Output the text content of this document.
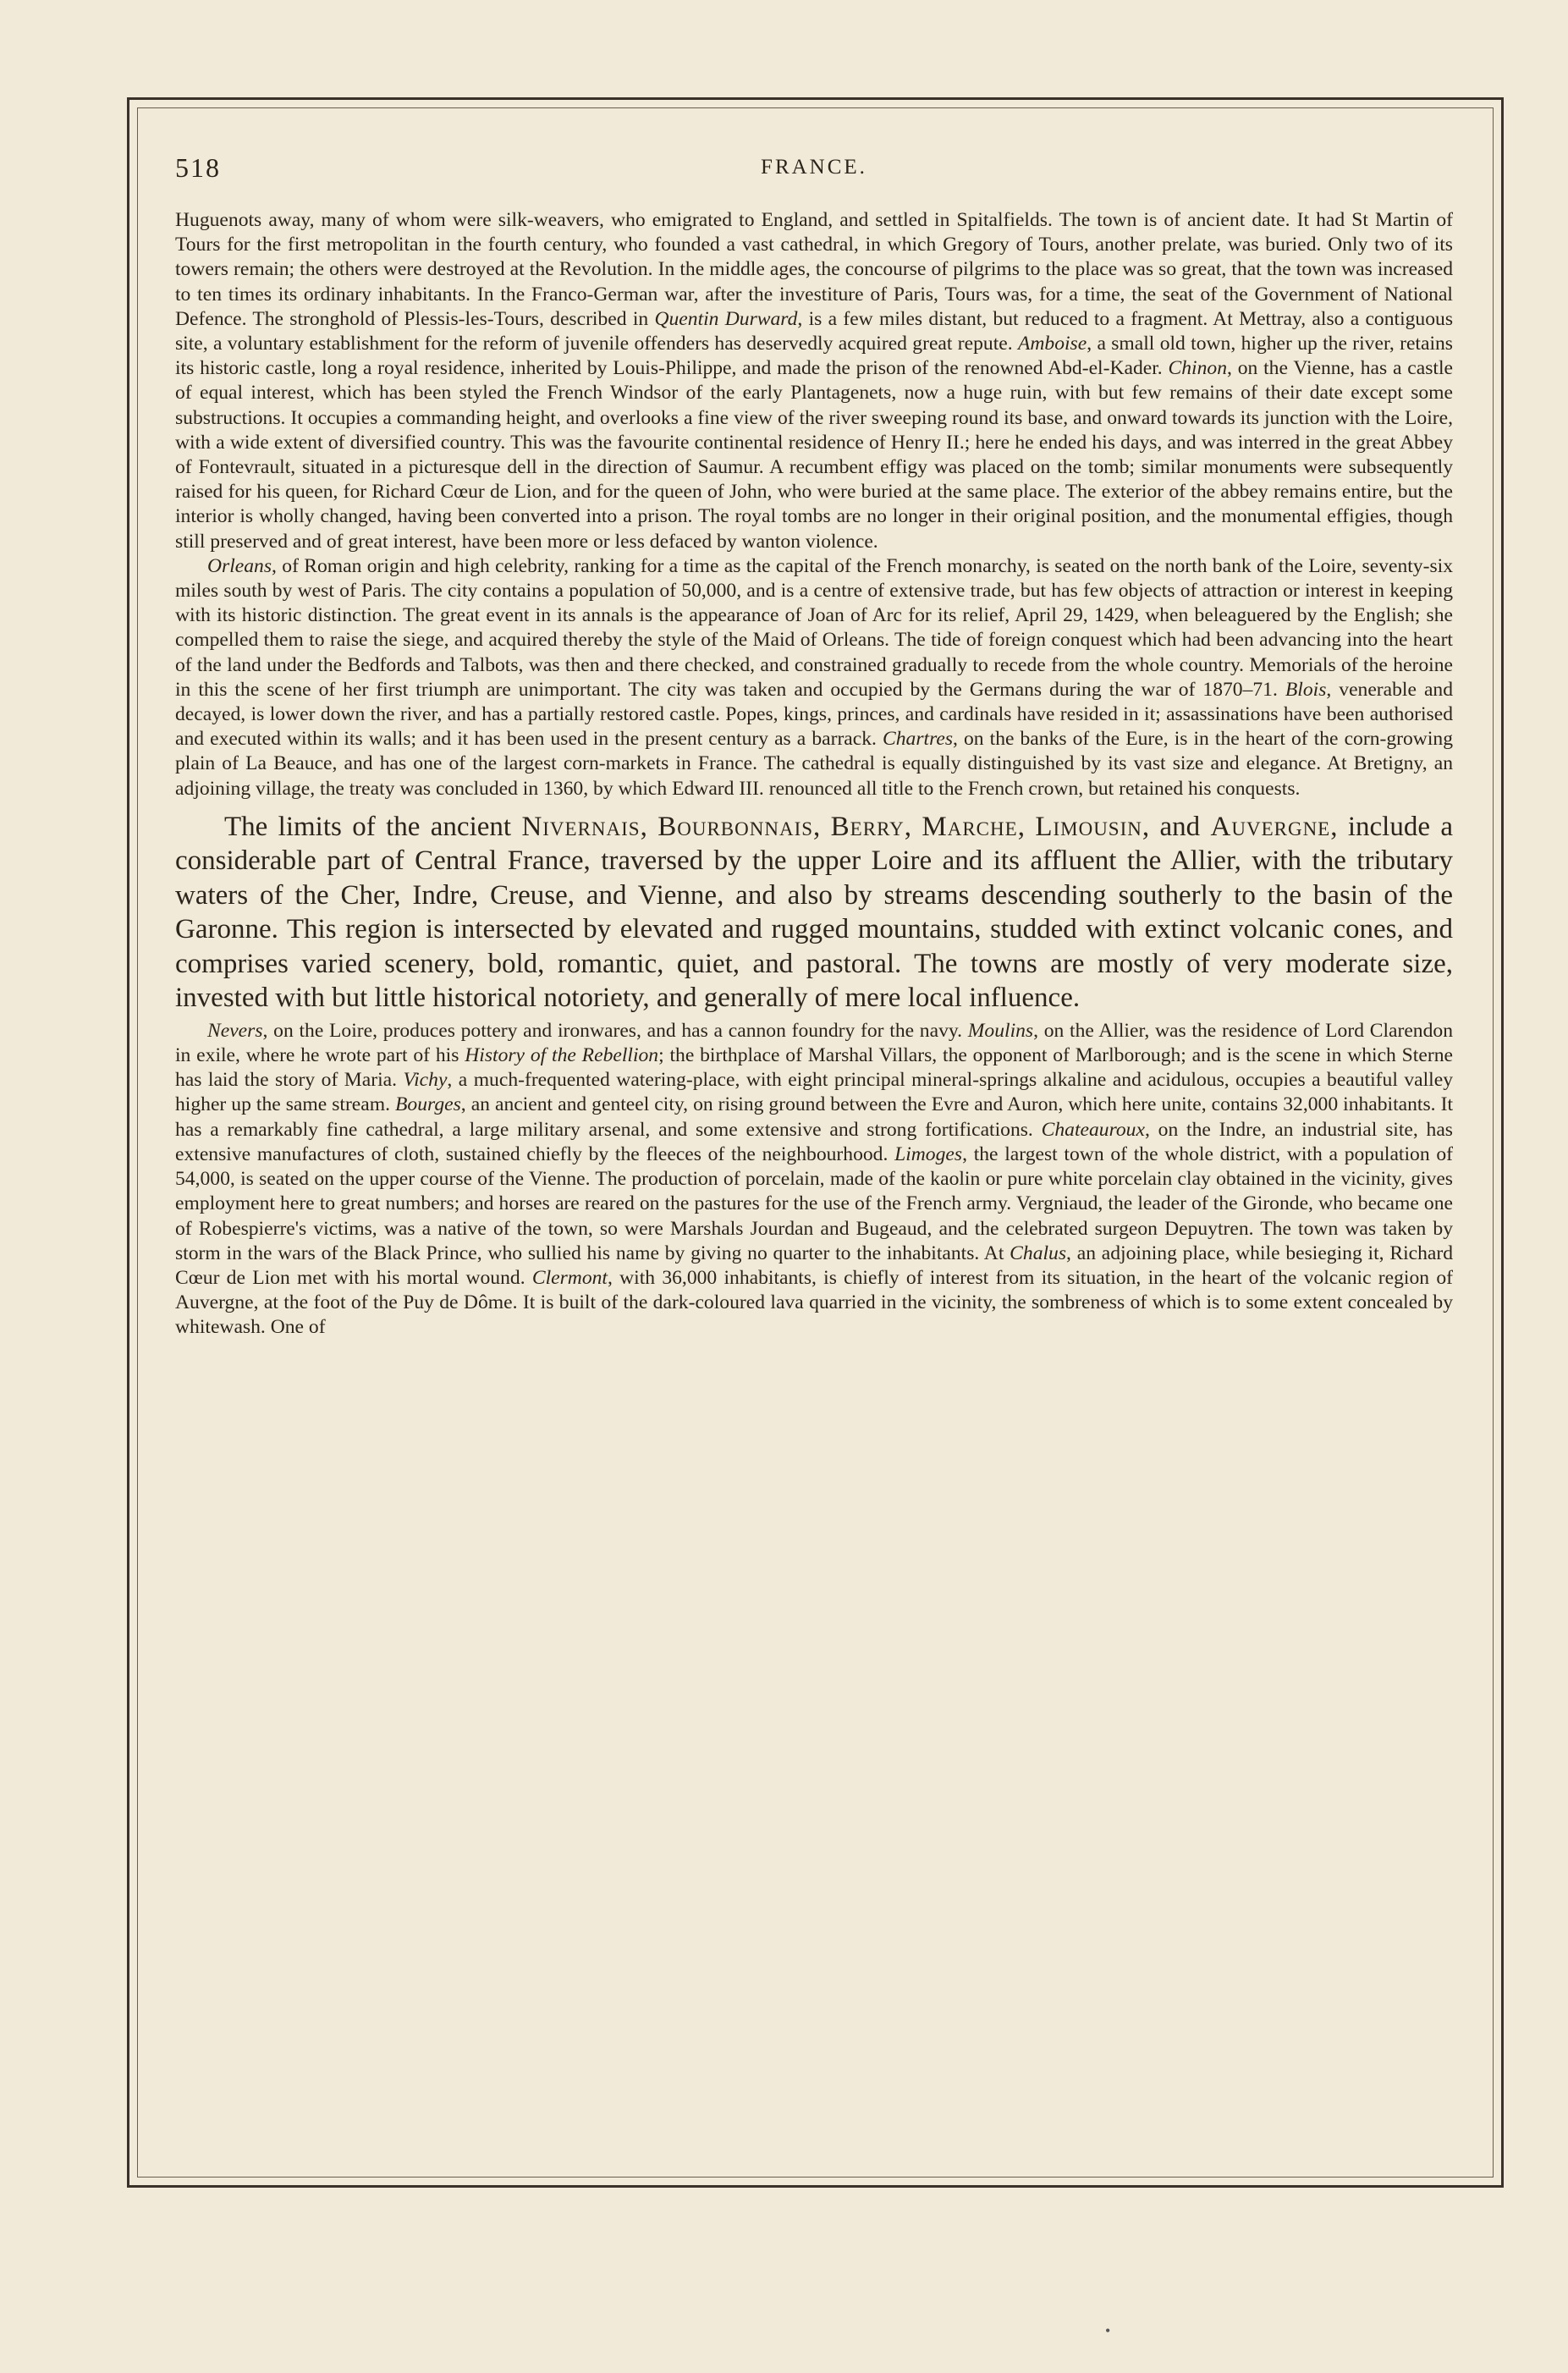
518	FRANCE.

Huguenots away, many of whom were silk-weavers, who emigrated to England, and settled in Spitalfields. The town is of ancient date. It had St Martin of Tours for the first metropolitan in the fourth century, who founded a vast cathedral, in which Gregory of Tours, another prelate, was buried. Only two of its towers remain; the others were destroyed at the Revolution. In the middle ages, the concourse of pilgrims to the place was so great, that the town was increased to ten times its ordinary inhabitants. In the Franco-German war, after the investiture of Paris, Tours was, for a time, the seat of the Government of National Defence. The stronghold of Plessis-les-Tours, described in Quentin Durward, is a few miles distant, but reduced to a fragment. At Mettray, also a contiguous site, a voluntary establishment for the reform of juvenile offenders has deservedly acquired great repute. Amboise, a small old town, higher up the river, retains its historic castle, long a royal residence, inherited by Louis-Philippe, and made the prison of the renowned Abd-el-Kader. Chinon, on the Vienne, has a castle of equal interest, which has been styled the French Windsor of the early Plantagenets, now a huge ruin, with but few remains of their date except some substructions. It occupies a commanding height, and overlooks a fine view of the river sweeping round its base, and onward towards its junction with the Loire, with a wide extent of diversified country. This was the favourite continental residence of Henry II.; here he ended his days, and was interred in the great Abbey of Fontevrault, situated in a picturesque dell in the direction of Saumur. A recumbent effigy was placed on the tomb; similar monuments were subsequently raised for his queen, for Richard Cœur de Lion, and for the queen of John, who were buried at the same place. The exterior of the abbey remains entire, but the interior is wholly changed, having been converted into a prison. The royal tombs are no longer in their original position, and the monumental effigies, though still preserved and of great interest, have been more or less defaced by wanton violence.

Orleans, of Roman origin and high celebrity, ranking for a time as the capital of the French monarchy, is seated on the north bank of the Loire, seventy-six miles south by west of Paris. The city contains a population of 50,000, and is a centre of extensive trade, but has few objects of attraction or interest in keeping with its historic distinction. The great event in its annals is the appearance of Joan of Arc for its relief, April 29, 1429, when beleaguered by the English; she compelled them to raise the siege, and acquired thereby the style of the Maid of Orleans. The tide of foreign conquest which had been advancing into the heart of the land under the Bedfords and Talbots, was then and there checked, and constrained gradually to recede from the whole country. Memorials of the heroine in this the scene of her first triumph are unimportant. The city was taken and occupied by the Germans during the war of 1870–71. Blois, venerable and decayed, is lower down the river, and has a partially restored castle. Popes, kings, princes, and cardinals have resided in it; assassinations have been authorised and executed within its walls; and it has been used in the present century as a barrack. Chartres, on the banks of the Eure, is in the heart of the corn-growing plain of La Beauce, and has one of the largest corn-markets in France. The cathedral is equally distinguished by its vast size and elegance. At Bretigny, an adjoining village, the treaty was concluded in 1360, by which Edward III. renounced all title to the French crown, but retained his conquests.

The limits of the ancient Nivernais, Bourbonnais, Berry, Marche, Limousin, and Auvergne, include a considerable part of Central France, traversed by the upper Loire and its affluent the Allier, with the tributary waters of the Cher, Indre, Creuse, and Vienne, and also by streams descending southerly to the basin of the Garonne. This region is intersected by elevated and rugged mountains, studded with extinct volcanic cones, and comprises varied scenery, bold, romantic, quiet, and pastoral. The towns are mostly of very moderate size, invested with but little historical notoriety, and generally of mere local influence.

Nevers, on the Loire, produces pottery and ironwares, and has a cannon foundry for the navy. Moulins, on the Allier, was the residence of Lord Clarendon in exile, where he wrote part of his History of the Rebellion; the birthplace of Marshal Villars, the opponent of Marlborough; and is the scene in which Sterne has laid the story of Maria. Vichy, a much-frequented watering-place, with eight principal mineral-springs alkaline and acidulous, occupies a beautiful valley higher up the same stream. Bourges, an ancient and genteel city, on rising ground between the Evre and Auron, which here unite, contains 32,000 inhabitants. It has a remarkably fine cathedral, a large military arsenal, and some extensive and strong fortifications. Chateauroux, on the Indre, an industrial site, has extensive manufactures of cloth, sustained chiefly by the fleeces of the neighbourhood. Limoges, the largest town of the whole district, with a population of 54,000, is seated on the upper course of the Vienne. The production of porcelain, made of the kaolin or pure white porcelain clay obtained in the vicinity, gives employment here to great numbers; and horses are reared on the pastures for the use of the French army. Vergniaud, the leader of the Gironde, who became one of Robespierre's victims, was a native of the town, so were Marshals Jourdan and Bugeaud, and the celebrated surgeon Depuytren. The town was taken by storm in the wars of the Black Prince, who sullied his name by giving no quarter to the inhabitants. At Chalus, an adjoining place, while besieging it, Richard Cœur de Lion met with his mortal wound. Clermont, with 36,000 inhabitants, is chiefly of interest from its situation, in the heart of the volcanic region of Auvergne, at the foot of the Puy de Dôme. It is built of the dark-coloured lava quarried in the vicinity, the sombreness of which is to some extent concealed by whitewash. One of

•
